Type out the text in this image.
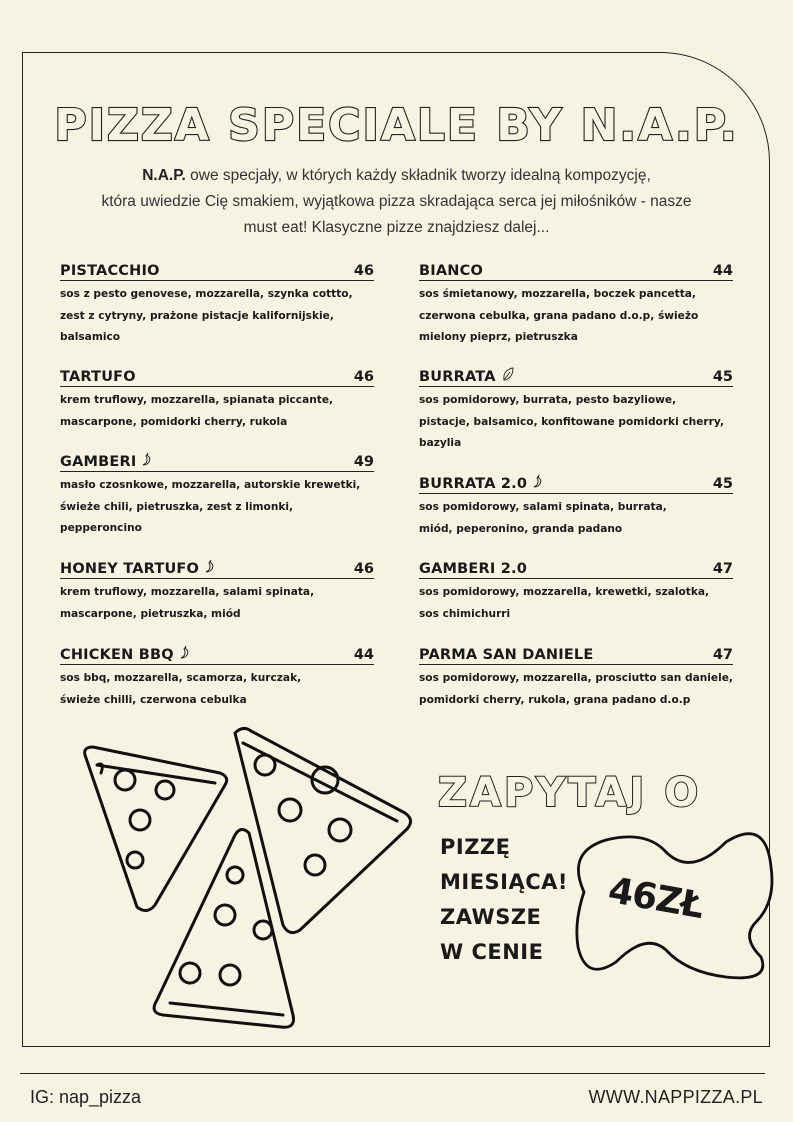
PIZZA SPECIALE BY N.A.P.
N.A.P. owe specjały, w których każdy składnik tworzy idealną kompozycję,
która uwiedzie Cię smakiem, wyjątkowa pizza skradająca serca jej miłośników - nasze
must eat! Klasyczne pizze znajdziesz dalej...
PISTACCHIO	46
sos z pesto genovese, mozzarella, szynka cottto,
zest z cytryny, prażone pistacje kalifornijskie,
balsamico
TARTUFO	46
krem truflowy, mozzarella, spianata piccante,
mascarpone, pomidorki cherry, rukola
GAMBERI	49
masło czosnkowe, mozzarella, autorskie krewetki,
świeże chili, pietruszka, zest z limonki,
pepperoncino
HONEY TARTUFO	46
krem truflowy, mozzarella, salami spinata,
mascarpone, pietruszka, miód
CHICKEN BBQ	44
sos bbq, mozzarella, scamorza, kurczak,
świeże chilli, czerwona cebulka
BIANCO	44
sos śmietanowy, mozzarella, boczek pancetta,
czerwona cebulka, grana padano d.o.p, świeżo
mielony pieprz, pietruszka
BURRATA	45
sos pomidorowy, burrata, pesto bazyliowe,
pistacje, balsamico, konfitowane pomidorki cherry,
bazylia
BURRATA 2.0	45
sos pomidorowy, salami spinata, burrata,
miód, peperonino, granda padano
GAMBERI 2.0	47
sos pomidorowy, mozzarella, krewetki, szalotka,
sos chimichurri
PARMA SAN DANIELE	47
sos pomidorowy, mozzarella, prosciutto san daniele,
pomidorki cherry, rukola, grana padano d.o.p
ZAPYTAJ O
PIZZĘ
MIESIĄCA!
ZAWSZE
W CENIE
46ZŁ
IG: nap_pizza	WWW.NAPPIZZA.PL
